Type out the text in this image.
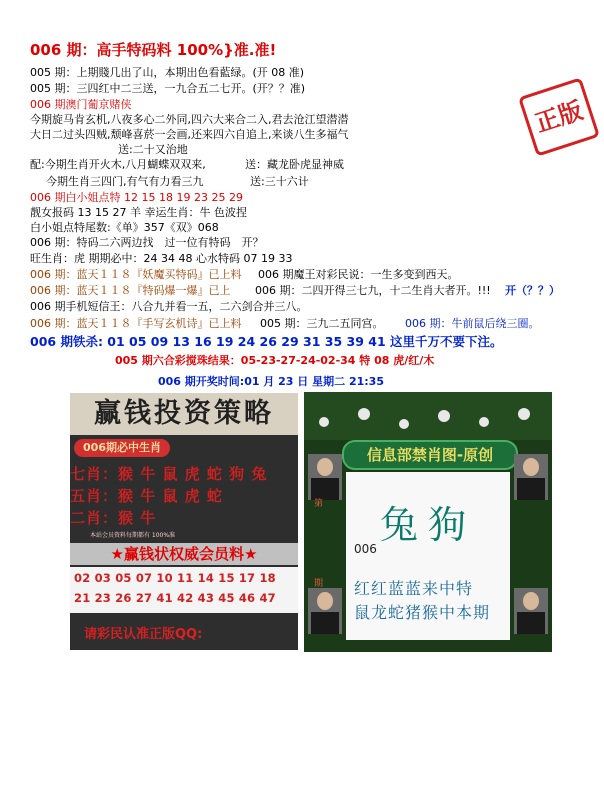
006 期：高手特码料 100%}准.准!
正版
005 期：上期賤几出了山，本期出色看藍绿。(开 08 准)
005 期：三四红中二三送，一九合五二七开。(开？？准)
006 期澳门葡京赌侠
今期旋马肯玄机,八夜多心二外同,四六大来合二入,君去沧江望潜潜
大日二过头四贼,颓峰喜菸一会画,还来四六自追上,来谈八生多福气
送:二十又治地
配:今期生肖开火木,八月蝴蝶双双来,	送：藏龙卧虎显神威
今期生肖三四门,有气有力看三九	送:三十六计
006 期白小姐点特 12 15 18 19 23 25 29
靓女报码 13 15 27 羊 幸运生肖：牛 色波捏
白小姐点特尾数:《单》357《双》068
006 期：特码二六两边找　过一位有特码　开？
旺生肖：虎 期期必中：24 34 48 心水特码 07 19 33
006 期：蓝天１１８『妖魔买特码』已上料 006 期魔王对彩民说：一生多变到西天。
006 期：蓝天１１８『特码爆一爆』已上 006 期：二四开得三七九，十二生肖大者开。!!! 开（？？）
006 期手机短信王：八合九并看一五，二六剑合并三八。
006 期：蓝天１１８『手写玄机诗』已上料 005 期：三九二五同宫。 006 期：牛前鼠后绕三圈。
006 期铁杀: 01 05 09 13 16 19 24 26 29 31 35 39 41 这里千万不要下注。
005 期六合彩搅珠结果：05-23-27-24-02-34 特 08 虎/红/木
006 期开奖时间:01 月 23 日 星期二 21:35
赢钱投资策略
006期必中生肖
七肖：猴 牛 鼠 虎 蛇 狗 兔
五肖：猴 牛 鼠 虎 蛇
二肖：猴 牛
本站会员资料每期都有 100%准
★赢钱状权威会员料★
02 03 05 07 10 11 14 15 17 18
21 23 26 27 41 42 43 45 46 47
请彩民认准正版QQ:
信息部禁肖图-原创
第
期
兔狗
006
红红蓝蓝来中特
鼠龙蛇猪猴中本期
